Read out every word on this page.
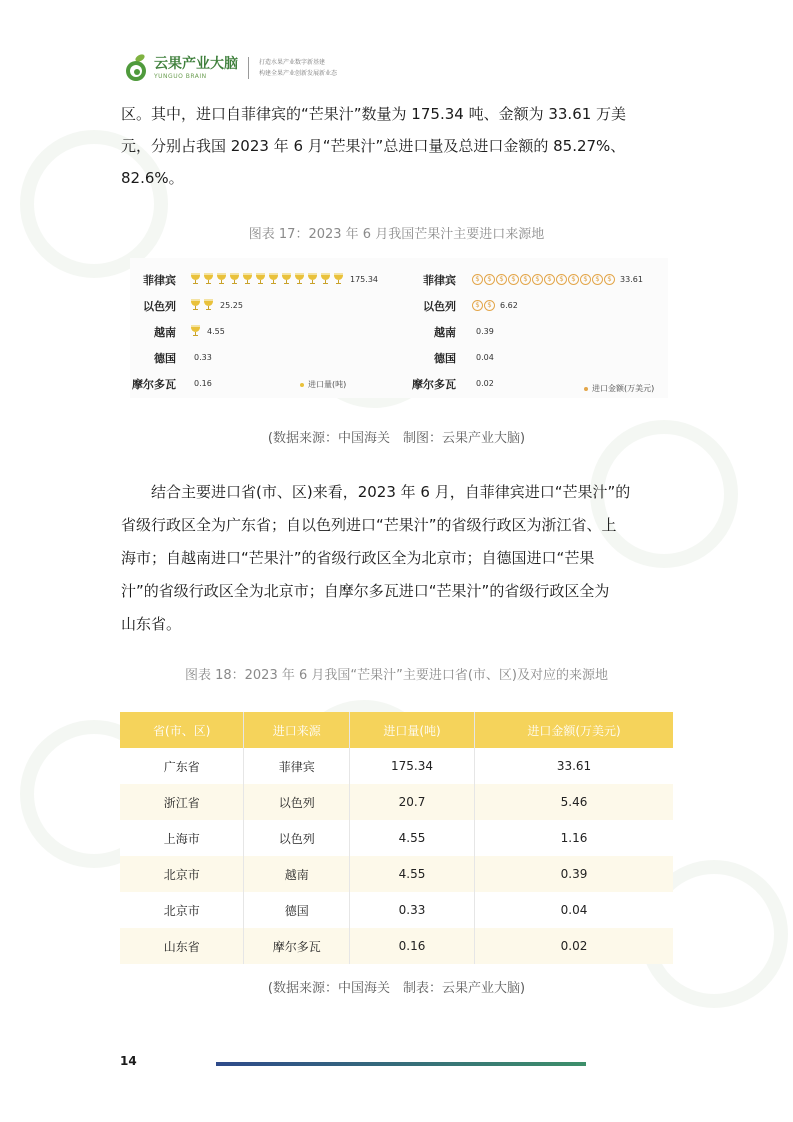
云果产业大脑
YUNGUO BRAIN
打造水果产业数字新基建
构建全果产业创新发展新业态

区。其中，进口自菲律宾的“芒果汁”数量为 175.34 吨、金额为 33.61 万美
元，分别占我国 2023 年 6 月“芒果汁”总进口量及总进口金额的 85.27%、
82.6%。

图表 17：2023 年 6 月我国芒果汁主要进口来源地
菲律宾	175.34
以色列	25.25
越南	4.55
德国 0.33
摩尔多瓦 0.16
菲律宾	$	$	$	$	$	$	$	$	$	$	$	$	33.61
以色列	$	$	6.62
越南	0.39
德国	0.04
摩尔多瓦	0.02
进口量(吨)	进口金额(万美元)
(数据来源：中国海关　制图：云果产业大脑)

结合主要进口省(市、区)来看，2023 年 6 月，自菲律宾进口“芒果汁”的
省级行政区全为广东省；自以色列进口“芒果汁”的省级行政区为浙江省、上
海市；自越南进口“芒果汁”的省级行政区全为北京市；自德国进口“芒果
汁”的省级行政区全为北京市；自摩尔多瓦进口“芒果汁”的省级行政区全为
山东省。

图表 18：2023 年 6 月我国“芒果汁”主要进口省(市、区)及对应的来源地
省(市、区)	进口来源	进口量(吨)	进口金额(万美元)
广东省	菲律宾	175.34	33.61
浙江省	以色列	20.7	5.46
上海市	以色列	4.55	1.16
北京市	越南	4.55	0.39
北京市	德国	0.33	0.04
山东省	摩尔多瓦	0.16	0.02
(数据来源：中国海关　制表：云果产业大脑)
14
